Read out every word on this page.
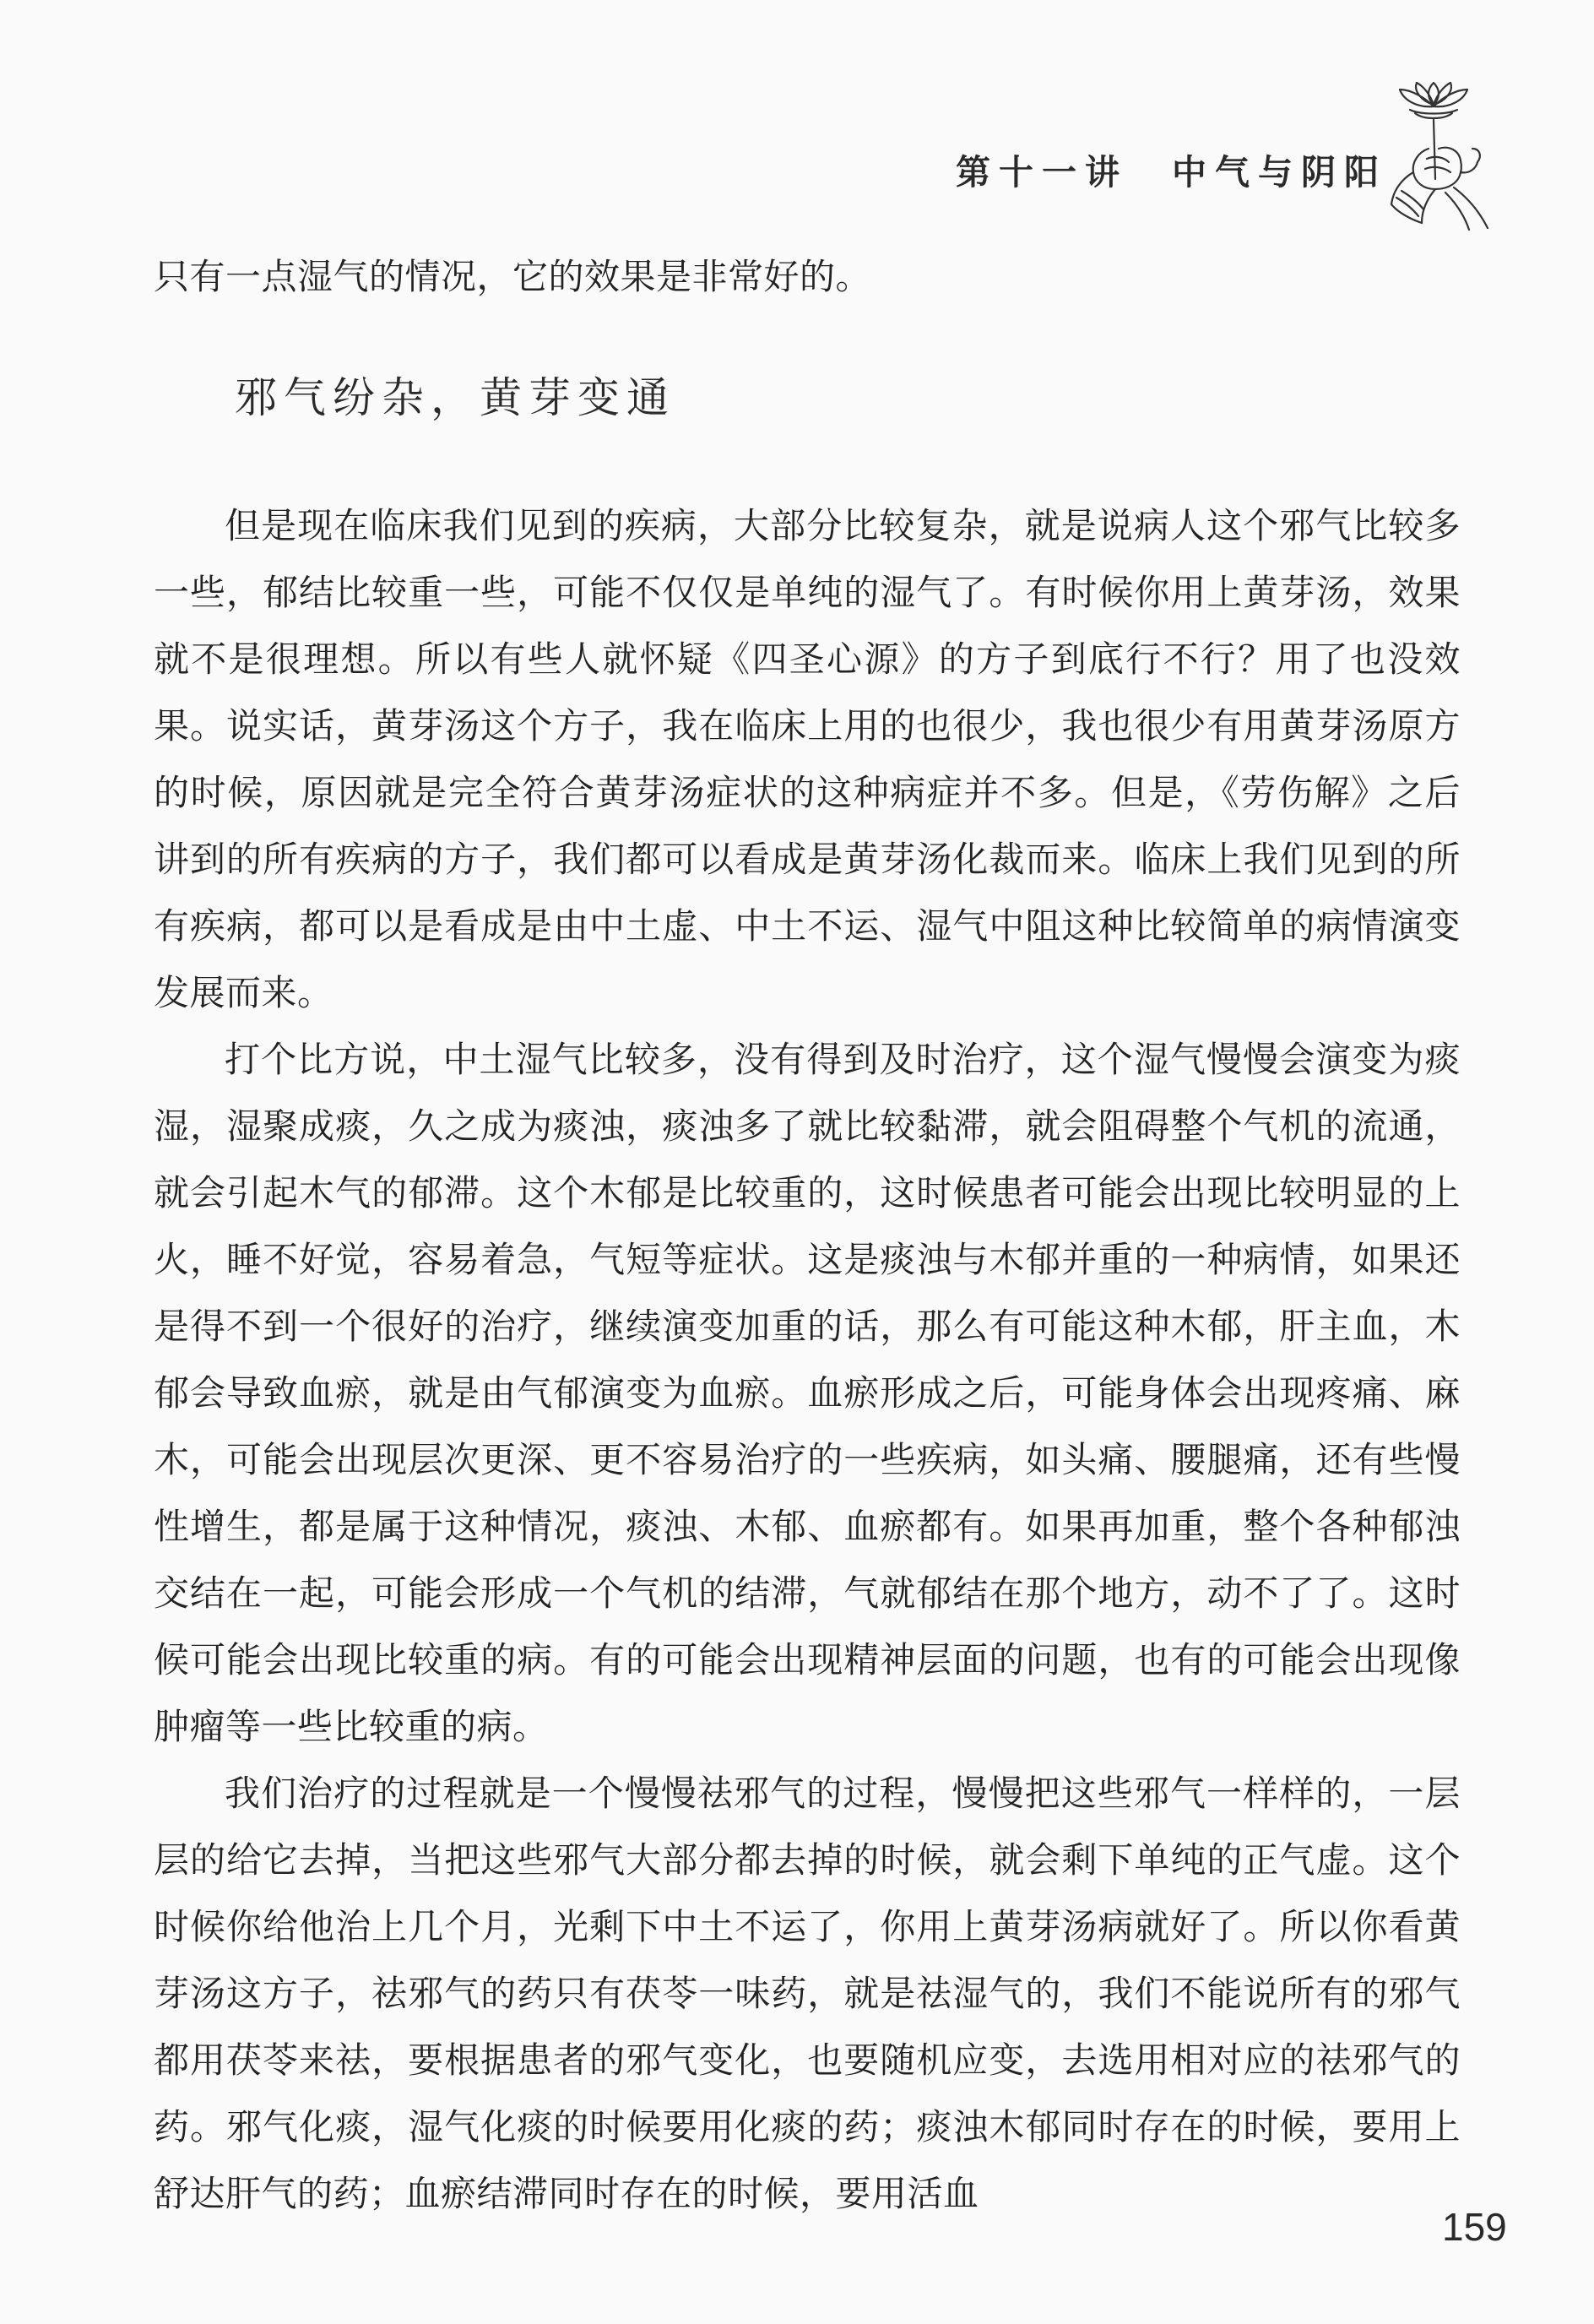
第十一讲 中气与阴阳

只有一点湿气的情况，它的效果是非常好的。

邪气纷杂，黄芽变通

但是现在临床我们见到的疾病，大部分比较复杂，就是说病人这个邪气比较多一些，郁结比较重一些，可能不仅仅是单纯的湿气了。有时候你用上黄芽汤，效果就不是很理想。所以有些人就怀疑《四圣心源》的方子到底行不行？用了也没效果。说实话，黄芽汤这个方子，我在临床上用的也很少，我也很少有用黄芽汤原方的时候，原因就是完全符合黄芽汤症状的这种病症并不多。但是，《劳伤解》之后讲到的所有疾病的方子，我们都可以看成是黄芽汤化裁而来。临床上我们见到的所有疾病，都可以是看成是由中土虚、中土不运、湿气中阻这种比较简单的病情演变发展而来。

打个比方说，中土湿气比较多，没有得到及时治疗，这个湿气慢慢会演变为痰湿，湿聚成痰，久之成为痰浊，痰浊多了就比较黏滞，就会阻碍整个气机的流通，就会引起木气的郁滞。这个木郁是比较重的，这时候患者可能会出现比较明显的上火，睡不好觉，容易着急，气短等症状。这是痰浊与木郁并重的一种病情，如果还是得不到一个很好的治疗，继续演变加重的话，那么有可能这种木郁，肝主血，木郁会导致血瘀，就是由气郁演变为血瘀。血瘀形成之后，可能身体会出现疼痛、麻木，可能会出现层次更深、更不容易治疗的一些疾病，如头痛、腰腿痛，还有些慢性增生，都是属于这种情况，痰浊、木郁、血瘀都有。如果再加重，整个各种郁浊交结在一起，可能会形成一个气机的结滞，气就郁结在那个地方，动不了了。这时候可能会出现比较重的病。有的可能会出现精神层面的问题，也有的可能会出现像肿瘤等一些比较重的病。

我们治疗的过程就是一个慢慢祛邪气的过程，慢慢把这些邪气一样样的，一层层的给它去掉，当把这些邪气大部分都去掉的时候，就会剩下单纯的正气虚。这个时候你给他治上几个月，光剩下中土不运了，你用上黄芽汤病就好了。所以你看黄芽汤这方子，祛邪气的药只有茯苓一味药，就是祛湿气的，我们不能说所有的邪气都用茯苓来祛，要根据患者的邪气变化，也要随机应变，去选用相对应的祛邪气的药。邪气化痰，湿气化痰的时候要用化痰的药；痰浊木郁同时存在的时候，要用上舒达肝气的药；血瘀结滞同时存在的时候，要用活血

159
